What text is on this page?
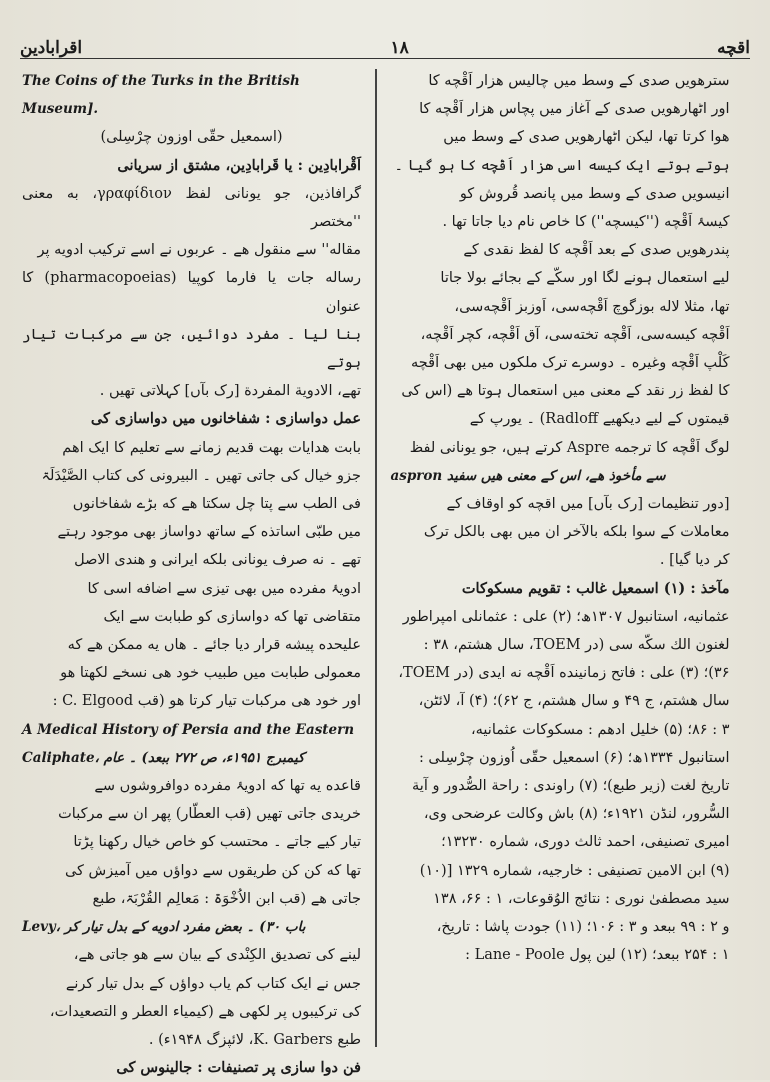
اقرابادين	۱۸	اقچه

The Coins of the Turks in the British Museum].

(اسمعیل حقّی اوزون چرْسِلی)

اَقْرابادِین : یا قَرابادِین، مشتق از سریانی

گرافاذین، جو یونانی لفظ γραφίδιον، به معنی ''مختصر

مقاله'' سے منقول ھے ۔ عربوں نے اسے ترکیب ادویه پر

رساله جات یا فارما کوپیا (pharmacopoeias) کا عنوان

بنا لیا ۔ مفرد دوائیں، جن سے مرکبات تیار ہوتے

تھے، الادویة المفردة [رک بآں] کہلاتی تھیں .

عمل دواسازی : شفاخانوں میں دواسازی کی

بابت هدایات بهت قدیم زمانے سے تعلیم کا ایک اهم

جزو خیال کی جاتی تھیں ۔ البیرونی کی کتاب الصَّیْدَلَۃ

فی الطب سے پتا چل سکتا ھے که بڑے شفاخانوں

میں طبّی اساتذه کے ساتھ دواساز بھی موجود رہتے

تھے ۔ نه صرف یونانی بلکه ایرانی و هندی الاصل

ادویۂ مفرده میں بھی تیزی سے اضافه اسی کا

متقاضی تھا که دواسازی کو طبابت سے ایک

علیحده پیشه قرار دیا جائے ۔ ھاں یه ممکن ھے که

معمولی طبابت میں طبیب خود ھی نسخے لکھتا ھو

اور خود ھی مرکبات تیار کرتا ھو (قب C. Elgood :

A Medical History of Persia and the Eastern

Caliphate، کیمبرج ۱۹۵۱ء، ص ۲۷۲ ببعد) ۔ عام

قاعده یه تھا که ادویۂ مفرده دوافروشوں سے

خریدی جاتی تھیں (قب العطّار) پھر ان سے مرکبات

تیار کیے جاتے ۔ محتسب کو خاص خیال رکھنا پڑتا

تھا که کن کن طریقوں سے دواؤں میں آمیزش کی

جاتی ھے (قب ابن الاُخْوَۃ : مَعالِم القُرْبَۃ، طبع

Levy، باب ۳۰) ۔ بعض مفرد ادویه کے بدل تیار کر

لینے کی تصدیق الکِنْدی کے بیان سے ھو جاتی ھے،

جس نے ایک کتاب کم یاب دواؤں کے بدل تیار کرنے

کی ترکیبوں پر لکھی ھے (کیمیاء العطر و التصعیدات،

طبع K. Garbers، لائپزگ ۱۹۴۸ء) .

فن دوا سازی پر تصنیفات : جالینوس کی

سترهویں صدی کے وسط میں چالیس هزار اَقْچه کا

اور اٹھارهویں صدی کے آغاز میں پچاس هزار اَقْچه کا

هوا کرتا تھا، لیکن اٹھارهویں صدی کے وسط میں

ہوتے ہوتے ایک کیسه اسی هزار اَقْچه کا ہو گیا ۔

انیسویں صدی کے وسط میں پانصد قُروش کو

کیسۂ اَقْچه (''کیسچه'') کا خاص نام دیا جاتا تھا .

پندرهویں صدی کے بعد اَقْچه کا لفظ نقدی کے

لیے استعمال ہونے لگا اور سکّے کے بجائے بولا جاتا

تھا، مثلا لاله بوزگوچ اَقْچه‌سی، اَوزبز اَقْچه‌سی،

اَقْچه کیسه‌سی، اَقْچه تخته‌سی، آق اَقْچه، کچر اَقْچه،

کَلْپ اَقْچه وغیره ۔ دوسرے ترک ملکوں میں بھی اَقْچه

کا لفظ زر نقد کے معنی میں استعمال ہوتا ھے (اس کی

قیمتوں کے لیے دیکھیے Radloff) ۔ یورپ کے

لوگ اَقْچه کا ترجمه Aspre کرتے ہیں، جو یونانی لفظ

aspron سے مأخوذ ھے، اس کے معنی ھیں سفید

[دور تنظیمات [رک بآں] میں اقچه کو اوقاف کے

معاملات کے سوا بلکه بالآخر ان میں بھی بالکل ترک

کر دیا گیا] .

مآخذ : (۱) اسمعیل غالب : تقویم مسکوکات

عثمانیه، استانبول ۱۳۰۷ھ؛ (۲) علی : عثمانلی امپراطور

لغنون الك سكّه سی (در TOEM، سال هشتم، ۳۸ :

۳۶)؛ (۳) علی : فاتح زمانینده اَقْچه نه ایدی (در TOEM،

سال هشتم، ج ۴۹ و سال هشتم، ج ۶۲)؛ (۴) آ، لائٹن،

۳ : ۸۶؛ (۵) خلیل ادهم : مسکوکات عثمانیه،

استانبول ۱۳۳۴ھ؛ (۶) اسمعیل حقّی اُوزون چرْسِلی :

تاریخ لغت (زیر طبع)؛ (۷) راوندی : راحة الصُّدور و آية

السُّرور، لنڈن ۱۹۲۱ء؛ (۸) باش وکالت عرضحی وی،

امیری تصنیفی، احمد ثالث دوری، شماره ۱۳۲۳۰؛

(۹) ابن الامین تصنیفی : خارجیه، شماره ۱۳۲۹ [(۱۰)

سید مصطفیٰ نوری : نتائج الوُقوعات، ۱ : ۶۶، ۱۳۸

و ۲ : ۹۹ ببعد و ۳ : ۱۰۶؛ (۱۱) جودت پاشا : تاریخ،

۱ : ۲۵۴ ببعد؛ (۱۲) لین پول Lane - Poole :
